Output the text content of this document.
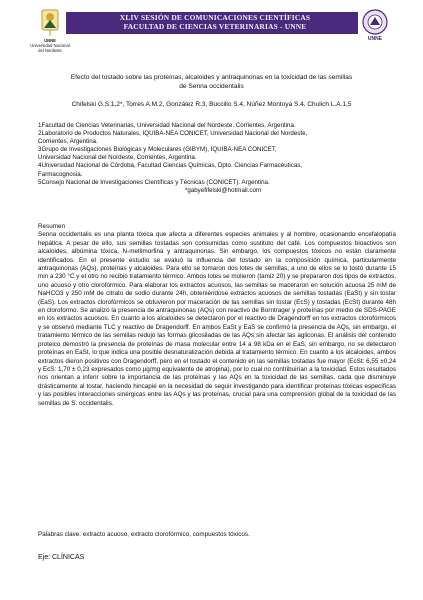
UNNE
Universidad Nacional
del Nordeste
XLIV SESIÓN DE COMUNICACIONES CIENTÍFICAS
FACULTAD DE CIENCIAS VETERINARIAS - UNNE
UNNE
Efecto del tostado sobre las proteínas, alcaloides y antraquinonas en la toxicidad de las semillas
de Senna occidentalis
Chifelski G.S.1,2*, Torres A.M.2, González R.3, Buccillo S.4, Núñez Montoya S.4, Chulich L.A.1,5

1Facultad de Ciencias Veterinarias, Universidad Nacional del Nordeste. Corrientes, Argentina.

2Laboratorio de Productos Naturales, IQUIBA-NEA CONICET, Universidad Nacional del Nordeste,

Corrientes, Argentina.

3Grupo de Investigaciones Biológicas y Moleculares (GIBYM), IQUIBA-NEA CONICET,

Universidad Nacional del Nordeste, Corrientes, Argentina.

4Universidad Nacional de Córdoba, Facultad Ciencias Químicas, Dpto. Ciencias Farmacéuticas,

Farmacognosia.

5Consejo Nacional de Investigaciones Científicas y Técnicas (CONICET). Argentina.

*gabyefifelski@hotmail.com

Resumen

Senna occidentalis es una planta tóxica que afecta a diferentes especies animales y al hombre, ocasionando encefalopatía hepática. A pesar de ello, sus semillas tostadas son consumidas como sustituto del café. Los compuestos bioactivos son alcaloides, albúmina tóxica, N-metilmorfina y antraquinonas. Sin embargo, los compuestos tóxicos no están claramente identificados. En el presente estudio se evaluó la influencia del tostado en la composición química, particularmente antraquinonas (AQs), proteínas y alcaloides. Para ello se tomaron dos lotes de semillas, a uno de ellos se lo tostó durante 15 min a 230 °C y el otro no recibió tratamiento térmico. Ambos lotes se molieron (tamiz 20) y se prepararon dos tipos de extractos, uno acuoso y otro clorofórmico. Para elaborar los extractos acuosos, las semillas se maceraron en solución acuosa 25 mM de NaHCO3 y 250 mM de citrato de sodio durante 24h, obteniéndose extractos acuosos de semillas tostadas (EaSt) y sin tostar (EaS). Los extractos clorofórmicos se obtuvieron por maceración de las semillas sin tostar (EcS) y tostadas (EcSt) durante 48h en cloroformo. Se analizó la presencia de antraquinonas (AQs) con reactivo de Borntrager y proteínas por medio de SDS-PAGE en los extractos acuosos. En cuanto a los alcaloides se detectaron por el reactivo de Dragendorff en los extractos clorofórmicos y se observó mediante TLC y reactivo de Dragendorff. En ambos EaSt y EaS se confirmó la presencia de AQs, sin embargo, el tratamiento térmico de las semillas redujo las formas glicosiladas de las AQs sin afectar las agliconas. El análisis del contenido proteico demostró la presencia de proteínas de masa molecular entre 14 a 98 kDa en el EaS; sin embargo, no se detectaron proteínas en EaSt, lo que indica una posible desnaturalización debida al tratamiento térmico. En cuanto a los alcaloides, ambos extractos dieron positivos con Dragendorff, pero en el tostado el contenido en las semillas tostadas fue mayor (EcSt: 6,55 ±0,24 y EcS: 1,70 ± 0,23 expresados como µg/mg equivalente de atropina), por lo cual no contribuirían a la toxicidad. Estos resultados nos orientan a inferir sobre la importancia de las proteínas y las AQs en la toxicidad de las semillas, cada que disminuye drásticamente al tostar, haciendo hincapié en la necesidad de seguir investigando para identificar proteínas tóxicas específicas y las posibles interacciones sinérgicas entre las AQs y las proteínas, crucial para una comprensión global de la toxicidad de las semillas de S. occidentalis.

Palabras clave: extracto acuoso, extracto clorofórmico, compuestos tóxicos.
Eje: CLÍNICAS
